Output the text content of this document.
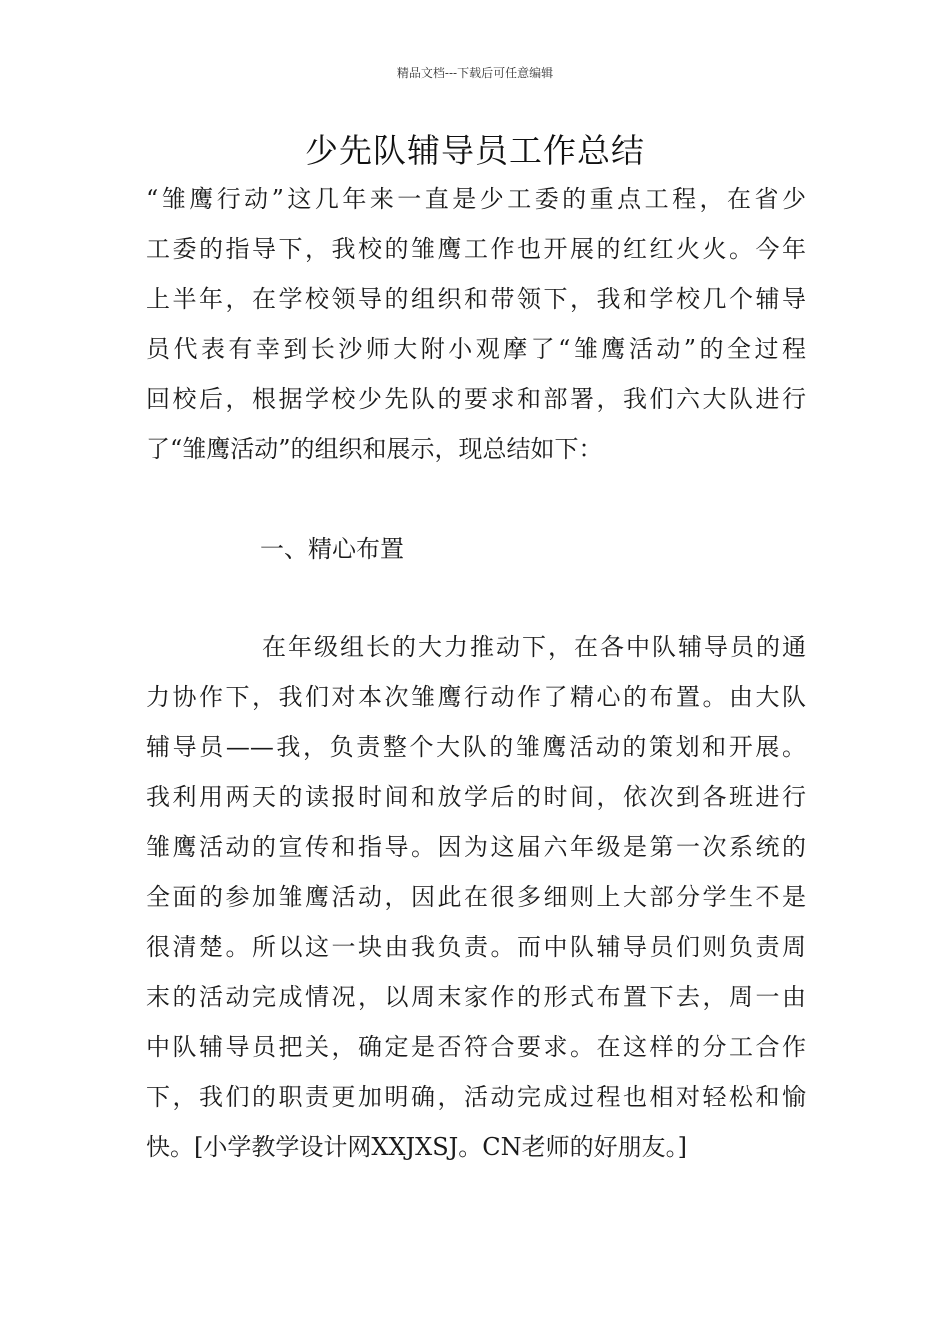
精品文档---下载后可任意编辑
少先队辅导员工作总结
“雏鹰行动”这几年来一直是少工委的重点工程，在省少
工委的指导下，我校的雏鹰工作也开展的红红火火。今年
上半年，在学校领导的组织和带领下，我和学校几个辅导
员代表有幸到长沙师大附小观摩了“雏鹰活动”的全过程
回校后，根据学校少先队的要求和部署，我们六大队进行
了“雏鹰活动”的组织和展示，现总结如下：
一、精心布置
在年级组长的大力推动下，在各中队辅导员的通
力协作下，我们对本次雏鹰行动作了精心的布置。由大队
辅导员——我，负责整个大队的雏鹰活动的策划和开展。
我利用两天的读报时间和放学后的时间，依次到各班进行
雏鹰活动的宣传和指导。因为这届六年级是第一次系统的
全面的参加雏鹰活动，因此在很多细则上大部分学生不是
很清楚。所以这一块由我负责。而中队辅导员们则负责周
末的活动完成情况，以周末家作的形式布置下去，周一由
中队辅导员把关，确定是否符合要求。在这样的分工合作
下，我们的职责更加明确，活动完成过程也相对轻松和愉
快。[小学教学设计网XXJXSJ。CN老师的好朋友。]
